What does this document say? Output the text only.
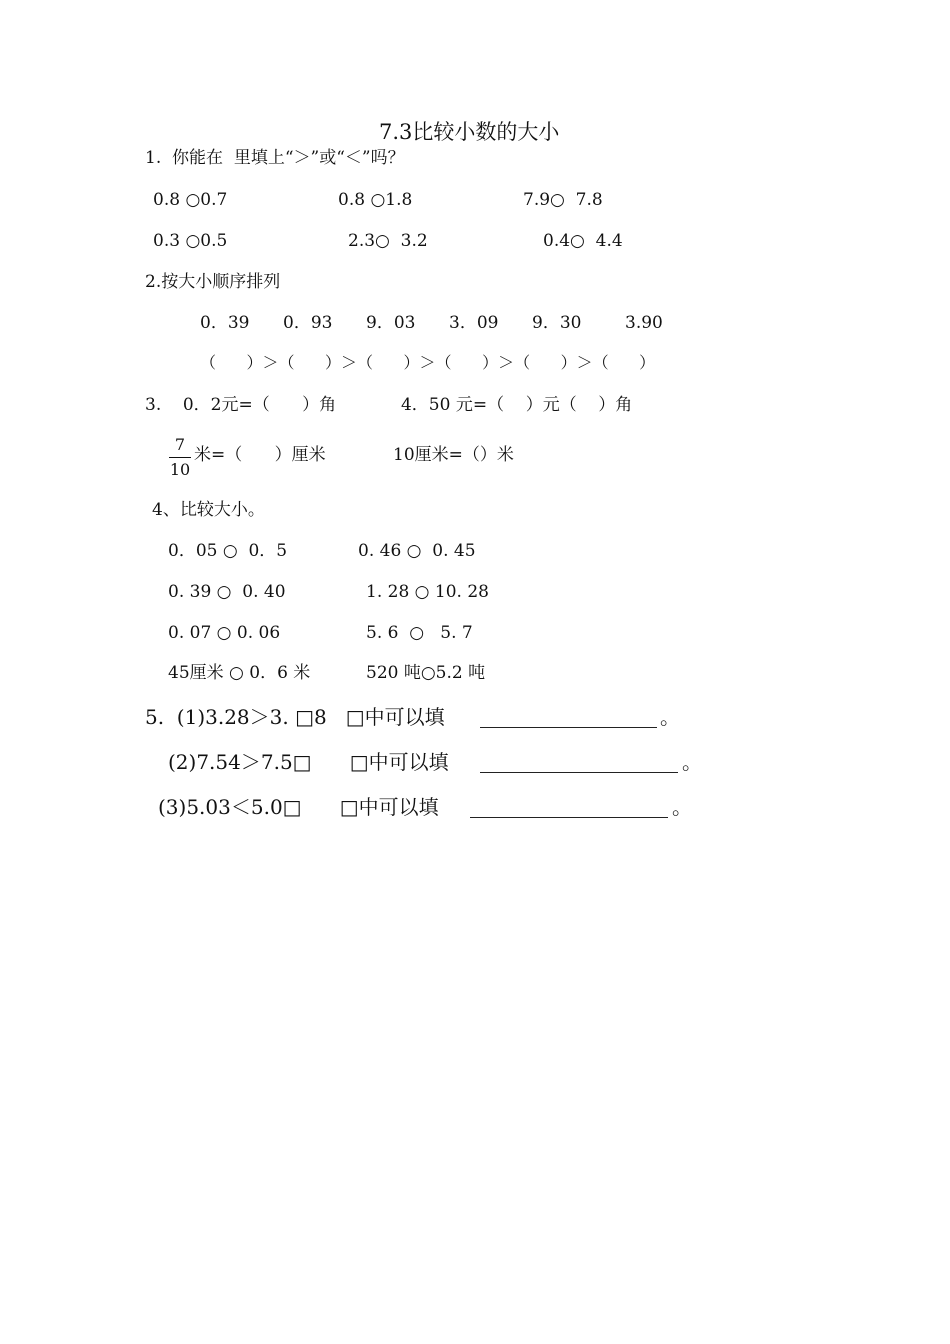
7.3比较小数的大小
1.  你能在  里填上“＞”或“＜”吗？
0.8 ○0.7	0.8 ○1.8	7.9○  7.8
0.3 ○0.5	2.3○  3.2	0.4○  4.4
2.按大小顺序排列
0．39 0．93 9．03 3．09 9．30	3.90
（      ）＞（      ）＞（      ）＞（      ）＞（      ）＞（      ）
3.    0．2元=（      ）角            4．50 元=（    ）元（    ）角
7
10
米=（      ）厘米	10厘米=（）米
4、比较大小。
0．05 ○  0．5	0. 46 ○  0. 45
0. 39 ○  0. 40	1. 28 ○ 10. 28
0. 07 ○ 0. 06	5. 6  ○   5. 7
45厘米 ○ 0．6 米	520 吨○5.2 吨
5.  (1)3.28＞3. □8   □中可以填	。
(2)7.54＞7.5□      □中可以填	。
(3)5.03＜5.0□      □中可以填	。
